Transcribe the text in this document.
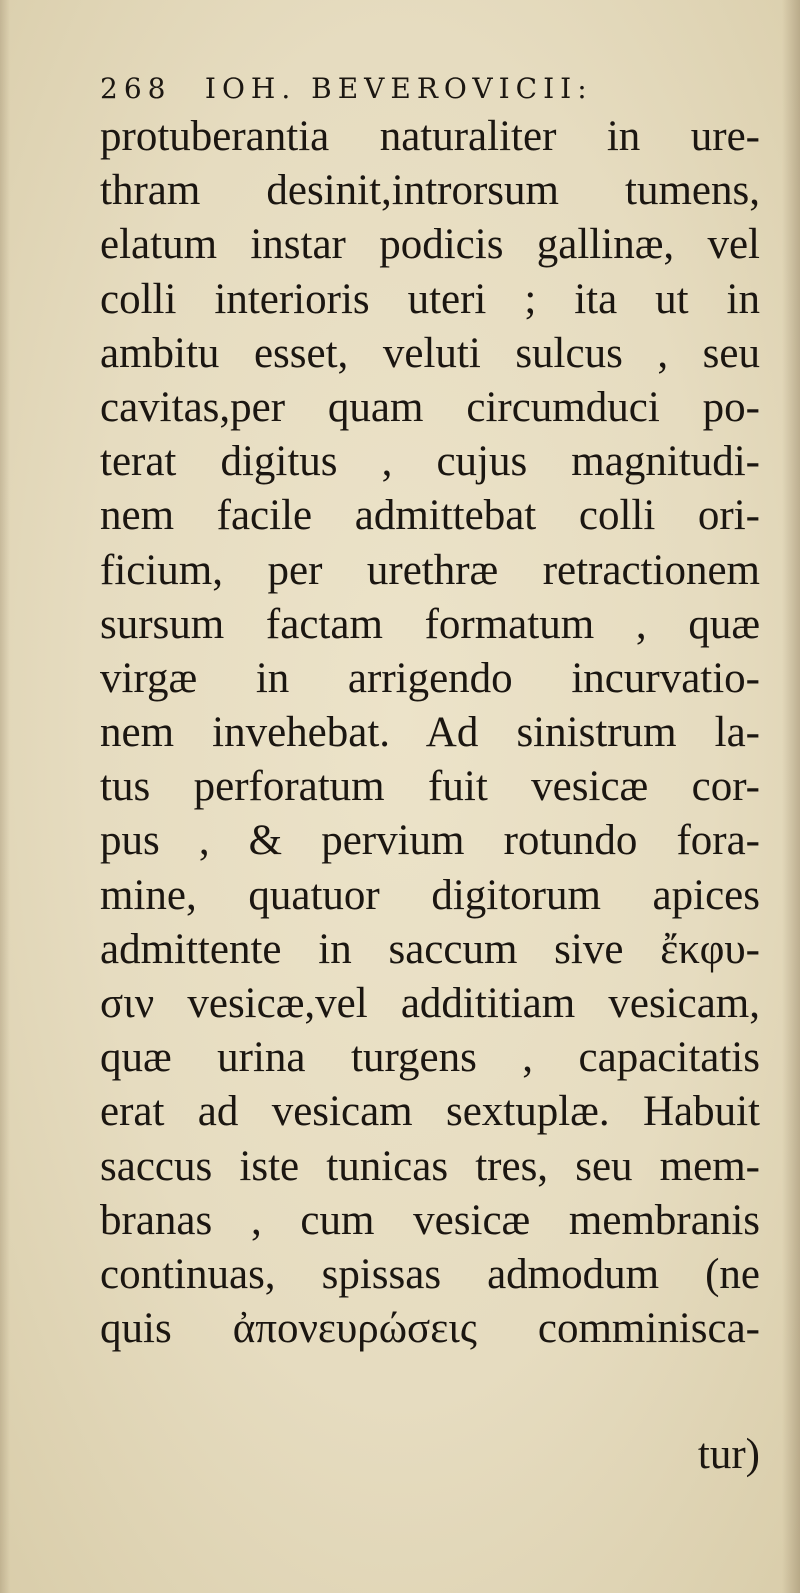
268 IOH. BEVEROVICII:
protuberantia naturaliter in ure-
thram desinit,introrsum tumens,
elatum instar podicis gallinæ, vel
colli interioris uteri ; ita ut in
ambitu esset, veluti sulcus , seu
cavitas,per quam circumduci po-
terat digitus , cujus magnitudi-
nem facile admittebat colli ori-
ficium, per urethræ retractionem
sursum factam formatum , quæ
virgæ in arrigendo incurvatio-
nem invehebat. Ad sinistrum la-
tus perforatum fuit vesicæ cor-
pus , & pervium rotundo fora-
mine, quatuor digitorum apices
admittente in saccum sive ἔκφυ-
σιν vesicæ,vel addititiam vesicam,
quæ urina turgens , capacitatis
erat ad vesicam sextuplæ. Habuit
saccus iste tunicas tres, seu mem-
branas , cum vesicæ membranis
continuas, spissas admodum (ne
quis ἀπονευρώσεις comminisca-
tur)
